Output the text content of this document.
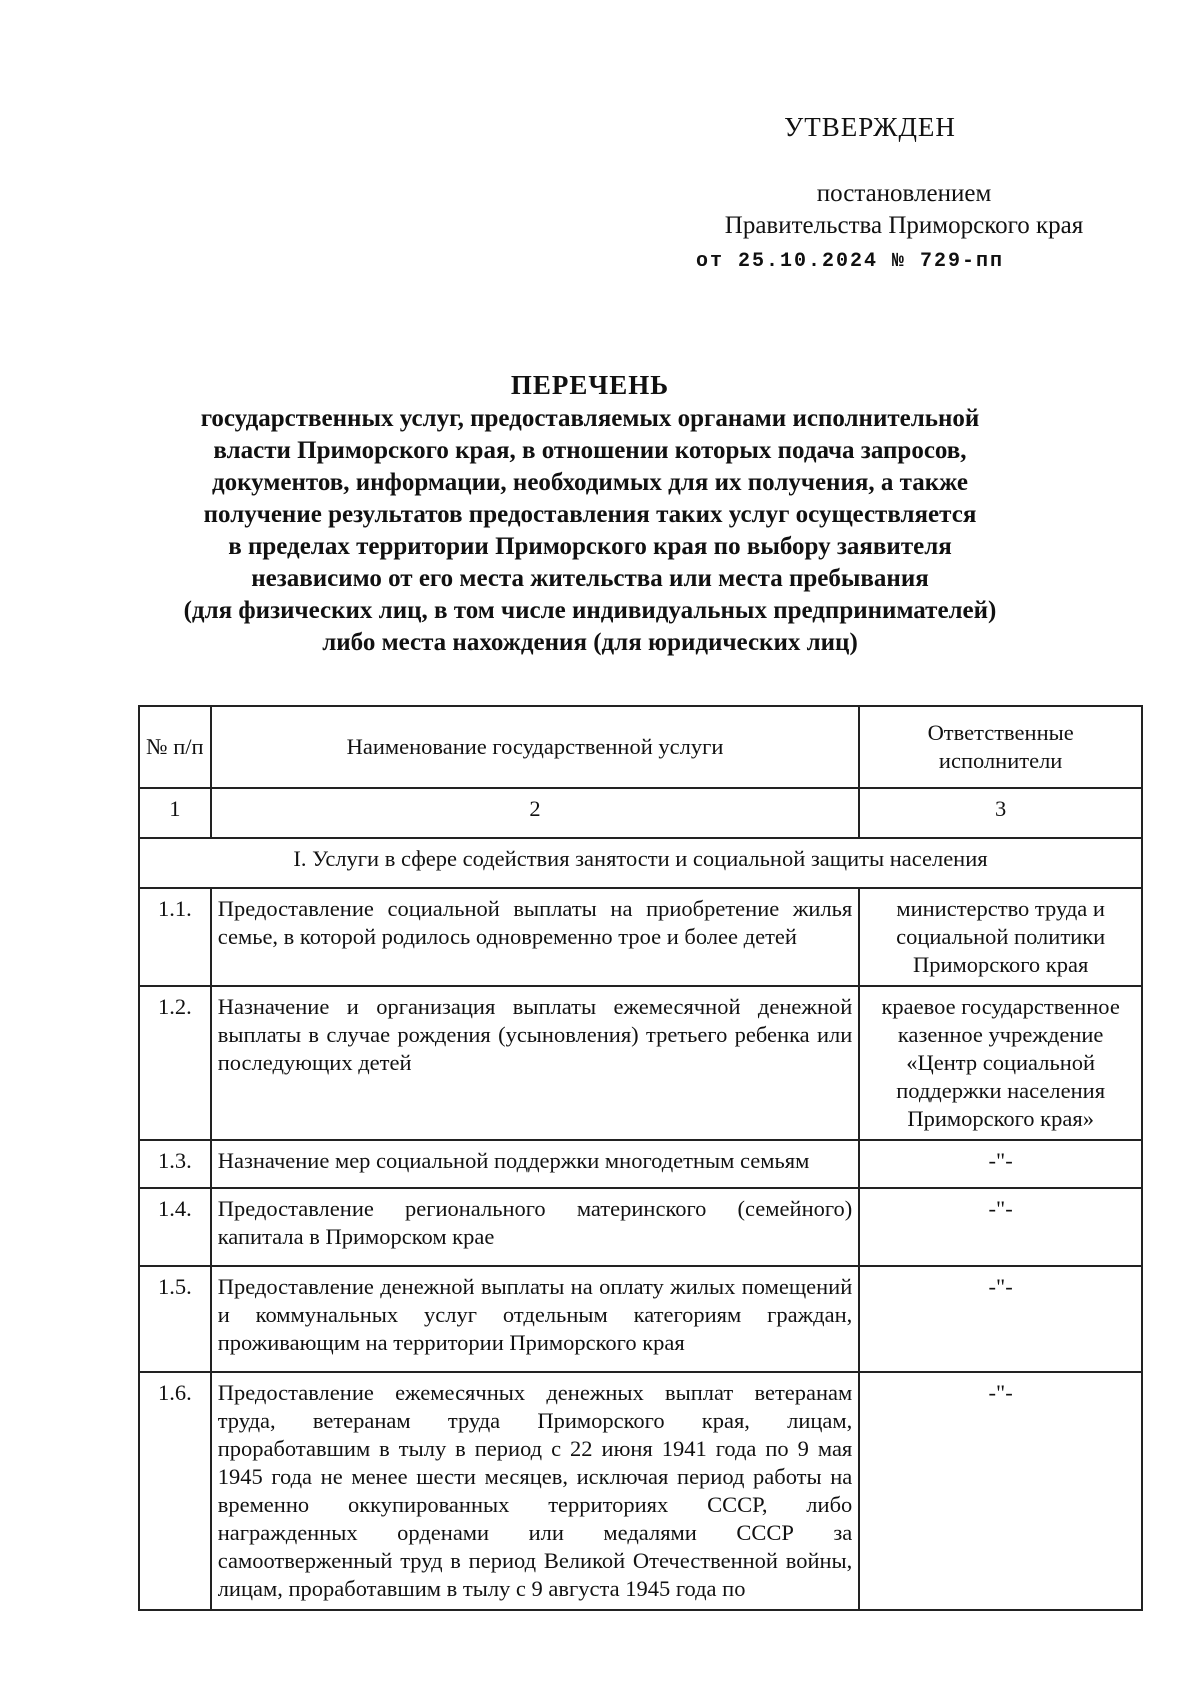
УТВЕРЖДЕН
постановлением
Правительства Приморского края
от 25.10.2024 № 729-пп
ПЕРЕЧЕНЬ
государственных услуг, предоставляемых органами исполнительной
власти Приморского края, в отношении которых подача запросов,
документов, информации, необходимых для их получения, а также
получение результатов предоставления таких услуг осуществляется
в пределах территории Приморского края по выбору заявителя
независимо от его места жительства или места пребывания
(для физических лиц, в том числе индивидуальных предпринимателей)
либо места нахождения (для юридических лиц)
№ п/п	Наименование государственной услуги	Ответственные исполнители
1	2	3
I. Услуги в сфере содействия занятости и социальной защиты населения		
1.1.	Предоставление социальной выплаты на приобретение жилья семье, в которой родилось одновременно трое и более детей	министерство труда и социальной политики Приморского края
1.2.	Назначение и организация выплаты ежемесячной денежной выплаты в случае рождения (усыновления) третьего ребенка или последующих детей	краевое государственное казенное учреждение «Центр социальной поддержки населения Приморского края»
1.3.	Назначение мер социальной поддержки многодетным семьям	-"-
1.4.	Предоставление регионального материнского (семейного) капитала в Приморском крае	-"-
1.5.	Предоставление денежной выплаты на оплату жилых помещений и коммунальных услуг отдельным категориям граждан, проживающим на территории Приморского края	-"-
1.6.	Предоставление ежемесячных денежных выплат ветеранам труда, ветеранам труда Приморского края, лицам, проработавшим в тылу в период с 22 июня 1941 года по 9 мая 1945 года не менее шести месяцев, исключая период работы на временно оккупированных территориях СССР, либо награжденных орденами или медалями СССР за самоотверженный труд в период Великой Отечественной войны, лицам, проработавшим в тылу с 9 августа 1945 года по	-"-
